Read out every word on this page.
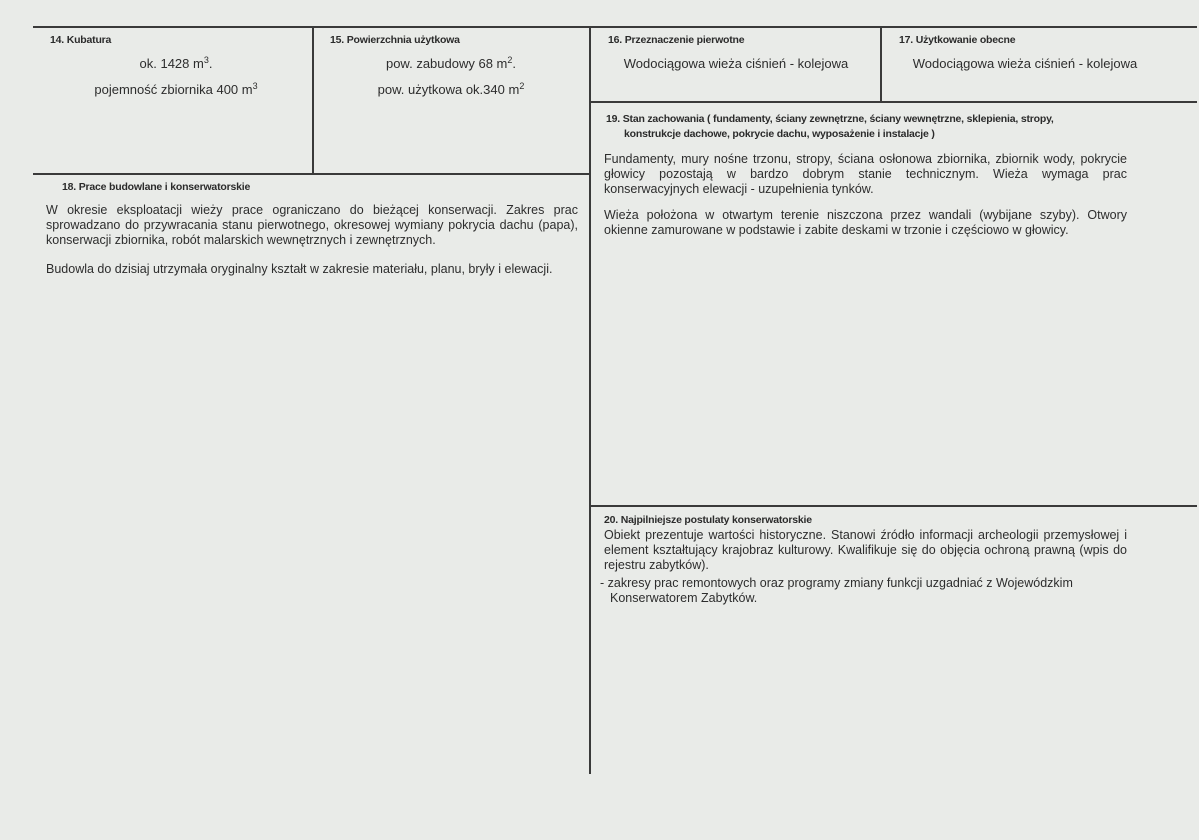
14. Kubatura
ok. 1428 $m^3$.
pojemność zbiornika 400 $m^3$
15. Powierzchnia użytkowa
pow. zabudowy 68 $m^2$.
pow. użytkowa ok.340 $m^2$
16. Przeznaczenie pierwotne
Wodociągowa wieża ciśnień - kolejowa
17. Użytkowanie obecne
Wodociągowa wieża ciśnień - kolejowa
19. Stan zachowania ( fundamenty, ściany zewnętrzne, ściany wewnętrzne, sklepienia, stropy,
konstrukcje dachowe, pokrycie dachu, wyposażenie i instalacje )

Fundamenty, mury nośne trzonu, stropy, ściana osłonowa zbiornika, zbiornik wody, pokrycie głowicy pozostają w bardzo dobrym stanie technicznym. Wieża wymaga prac konserwacyjnych elewacji - uzupełnienia tynków.

Wieża położona w otwartym terenie niszczona przez wandali (wybijane szyby). Otwory okienne zamurowane w podstawie i zabite deskami w trzonie i częściowo w głowicy.

18. Prace budowlane i konserwatorskie

W okresie eksploatacji wieży prace ograniczano do bieżącej konserwacji. Zakres prac sprowadzano do przywracania stanu pierwotnego, okresowej wymiany pokrycia dachu (papa), konserwacji zbiornika, robót malarskich wewnętrznych i zewnętrznych.

Budowla do dzisiaj utrzymała oryginalny kształt w zakresie materiału, planu, bryły i elewacji.

20. Najpilniejsze postulaty konserwatorskie

Obiekt prezentuje wartości historyczne. Stanowi źródło informacji archeologii przemysłowej i element kształtujący krajobraz kulturowy. Kwalifikuje się do objęcia ochroną prawną (wpis do rejestru zabytków).

- zakresy prac remontowych oraz programy zmiany funkcji uzgadniać z Wojewódzkim

Konserwatorem Zabytków.
